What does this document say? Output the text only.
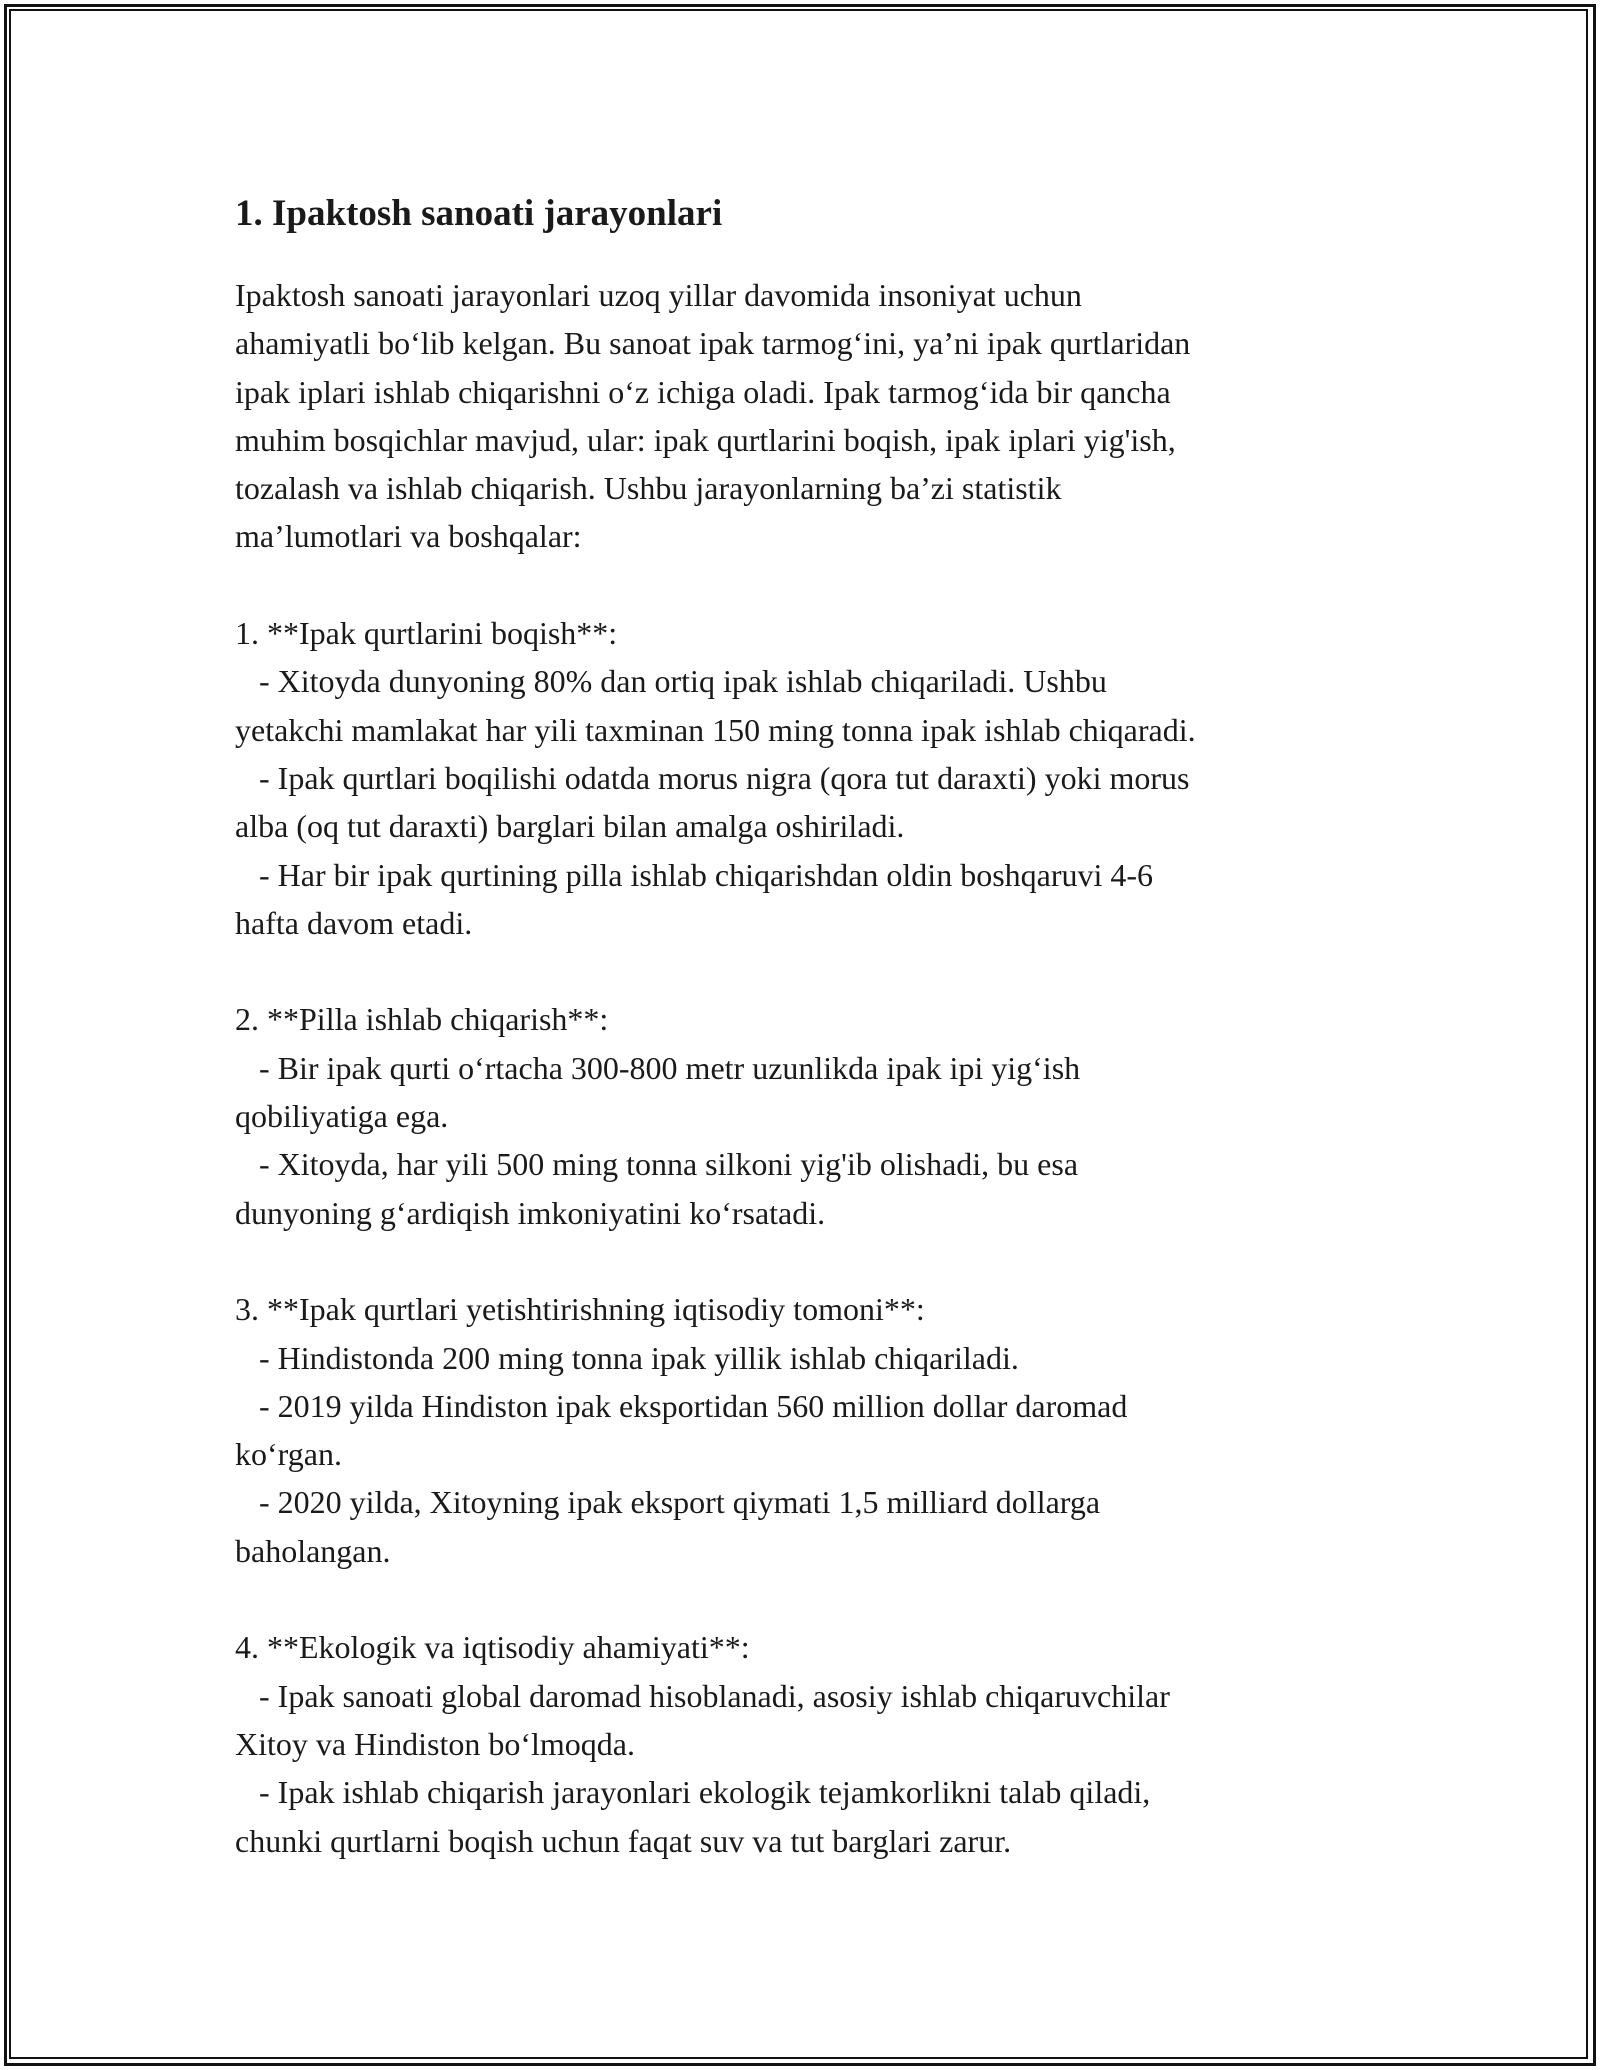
1. Ipaktosh sanoati jarayonlari

Ipaktosh sanoati jarayonlari uzoq yillar davomida insoniyat uchun
ahamiyatli bo‘lib kelgan. Bu sanoat ipak tarmog‘ini, ya’ni ipak qurtlaridan
ipak iplari ishlab chiqarishni o‘z ichiga oladi. Ipak tarmog‘ida bir qancha
muhim bosqichlar mavjud, ular: ipak qurtlarini boqish, ipak iplari yig'ish,
tozalash va ishlab chiqarish. Ushbu jarayonlarning ba’zi statistik
ma’lumotlari va boshqalar:

1. **Ipak qurtlarini boqish**:
- Xitoyda dunyoning 80% dan ortiq ipak ishlab chiqariladi. Ushbu
yetakchi mamlakat har yili taxminan 150 ming tonna ipak ishlab chiqaradi.
- Ipak qurtlari boqilishi odatda morus nigra (qora tut daraxti) yoki morus
alba (oq tut daraxti) barglari bilan amalga oshiriladi.
- Har bir ipak qurtining pilla ishlab chiqarishdan oldin boshqaruvi 4-6
hafta davom etadi.

2. **Pilla ishlab chiqarish**:
- Bir ipak qurti o‘rtacha 300-800 metr uzunlikda ipak ipi yig‘ish
qobiliyatiga ega.
- Xitoyda, har yili 500 ming tonna silkoni yig'ib olishadi, bu esa
dunyoning g‘ardiqish imkoniyatini ko‘rsatadi.

3. **Ipak qurtlari yetishtirishning iqtisodiy tomoni**:
- Hindistonda 200 ming tonna ipak yillik ishlab chiqariladi.
- 2019 yilda Hindiston ipak eksportidan 560 million dollar daromad
ko‘rgan.
- 2020 yilda, Xitoyning ipak eksport qiymati 1,5 milliard dollarga
baholangan.

4. **Ekologik va iqtisodiy ahamiyati**:
- Ipak sanoati global daromad hisoblanadi, asosiy ishlab chiqaruvchilar
Xitoy va Hindiston bo‘lmoqda.
- Ipak ishlab chiqarish jarayonlari ekologik tejamkorlikni talab qiladi,
chunki qurtlarni boqish uchun faqat suv va tut barglari zarur.
